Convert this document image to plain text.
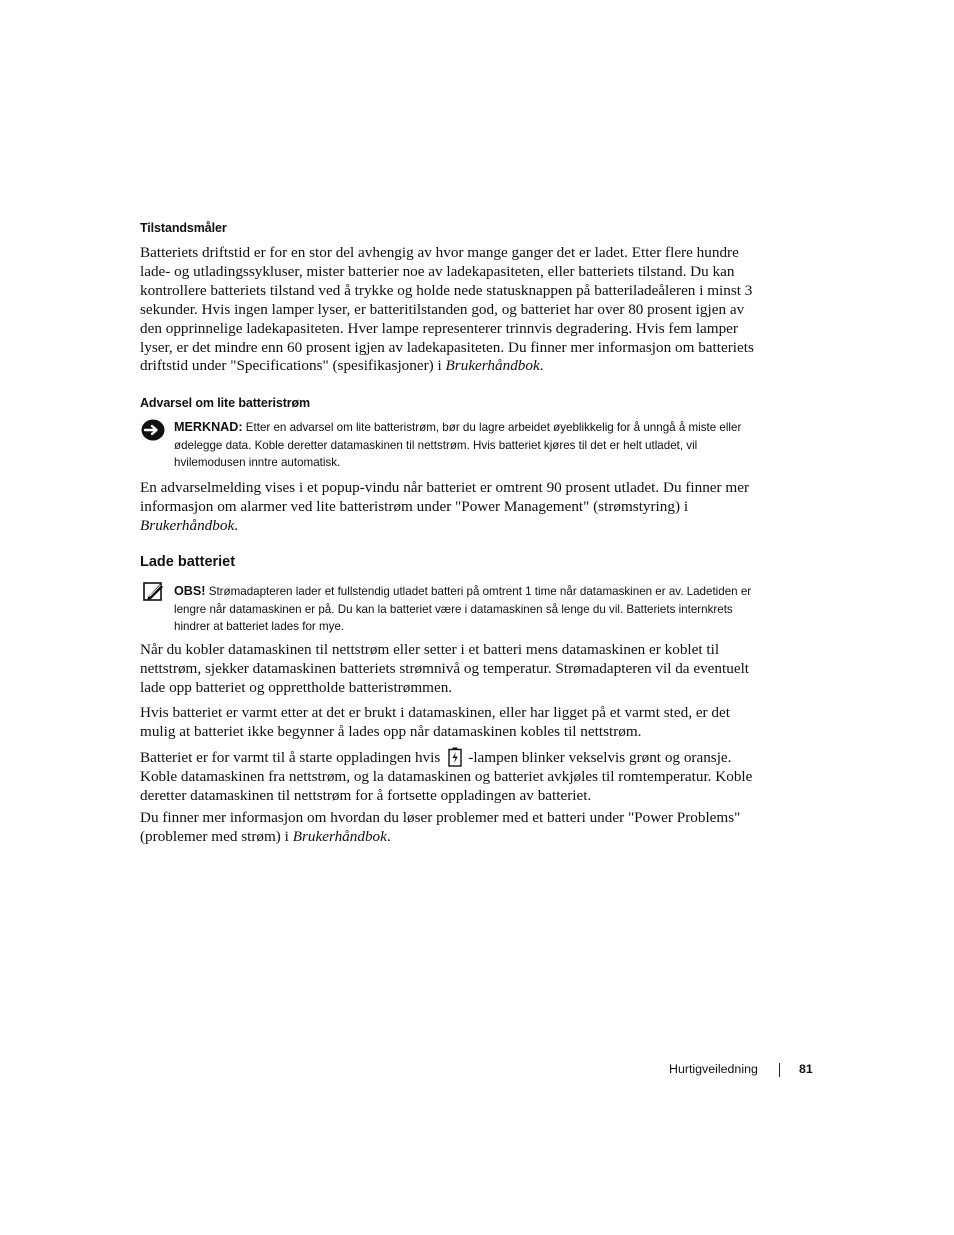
Tilstandsmåler
Batteriets driftstid er for en stor del avhengig av hvor mange ganger det er ladet. Etter flere hundre lade- og utladingssykluser, mister batterier noe av ladekapasiteten, eller batteriets tilstand. Du kan kontrollere batteriets tilstand ved å trykke og holde nede statusknappen på batteriladeåleren i minst 3 sekunder. Hvis ingen lamper lyser, er batteritilstanden god, og batteriet har over 80 prosent igjen av den opprinnelige ladekapasiteten. Hver lampe representerer trinnvis degradering. Hvis fem lamper lyser, er det mindre enn 60 prosent igjen av ladekapasiteten. Du finner mer informasjon om batteriets driftstid under "Specifications" (spesifikasjoner) i Brukerhåndbok.
Advarsel om lite batteristrøm
MERKNAD: Etter en advarsel om lite batteristrøm, bør du lagre arbeidet øyeblikkelig for å unngå å miste eller ødelegge data. Koble deretter datamaskinen til nettstrøm. Hvis batteriet kjøres til det er helt utladet, vil hvilemodusen inntre automatisk.
En advarselmelding vises i et popup-vindu når batteriet er omtrent 90 prosent utladet. Du finner mer informasjon om alarmer ved lite batteristrøm under "Power Management" (strømstyring) i Brukerhåndbok.
Lade batteriet
OBS! Strømadapteren lader et fullstendig utladet batteri på omtrent 1 time når datamaskinen er av. Ladetiden er lengre når datamaskinen er på. Du kan la batteriet være i datamaskinen så lenge du vil. Batteriets internkrets hindrer at batteriet lades for mye.
Når du kobler datamaskinen til nettstrøm eller setter i et batteri mens datamaskinen er koblet til nettstrøm, sjekker datamaskinen batteriets strømnivå og temperatur. Strømadapteren vil da eventuelt lade opp batteriet og opprettholde batteristrømmen.
Hvis batteriet er varmt etter at det er brukt i datamaskinen, eller har ligget på et varmt sted, er det mulig at batteriet ikke begynner å lades opp når datamaskinen kobles til nettstrøm.
Batteriet er for varmt til å starte oppladingen hvis -lampen blinker vekselvis grønt og oransje. Koble datamaskinen fra nettstrøm, og la datamaskinen og batteriet avkjøles til romtemperatur. Koble deretter datamaskinen til nettstrøm for å fortsette oppladingen av batteriet.
Du finner mer informasjon om hvordan du løser problemer med et batteri under "Power Problems" (problemer med strøm) i Brukerhåndbok.
Hurtigveiledning	81
